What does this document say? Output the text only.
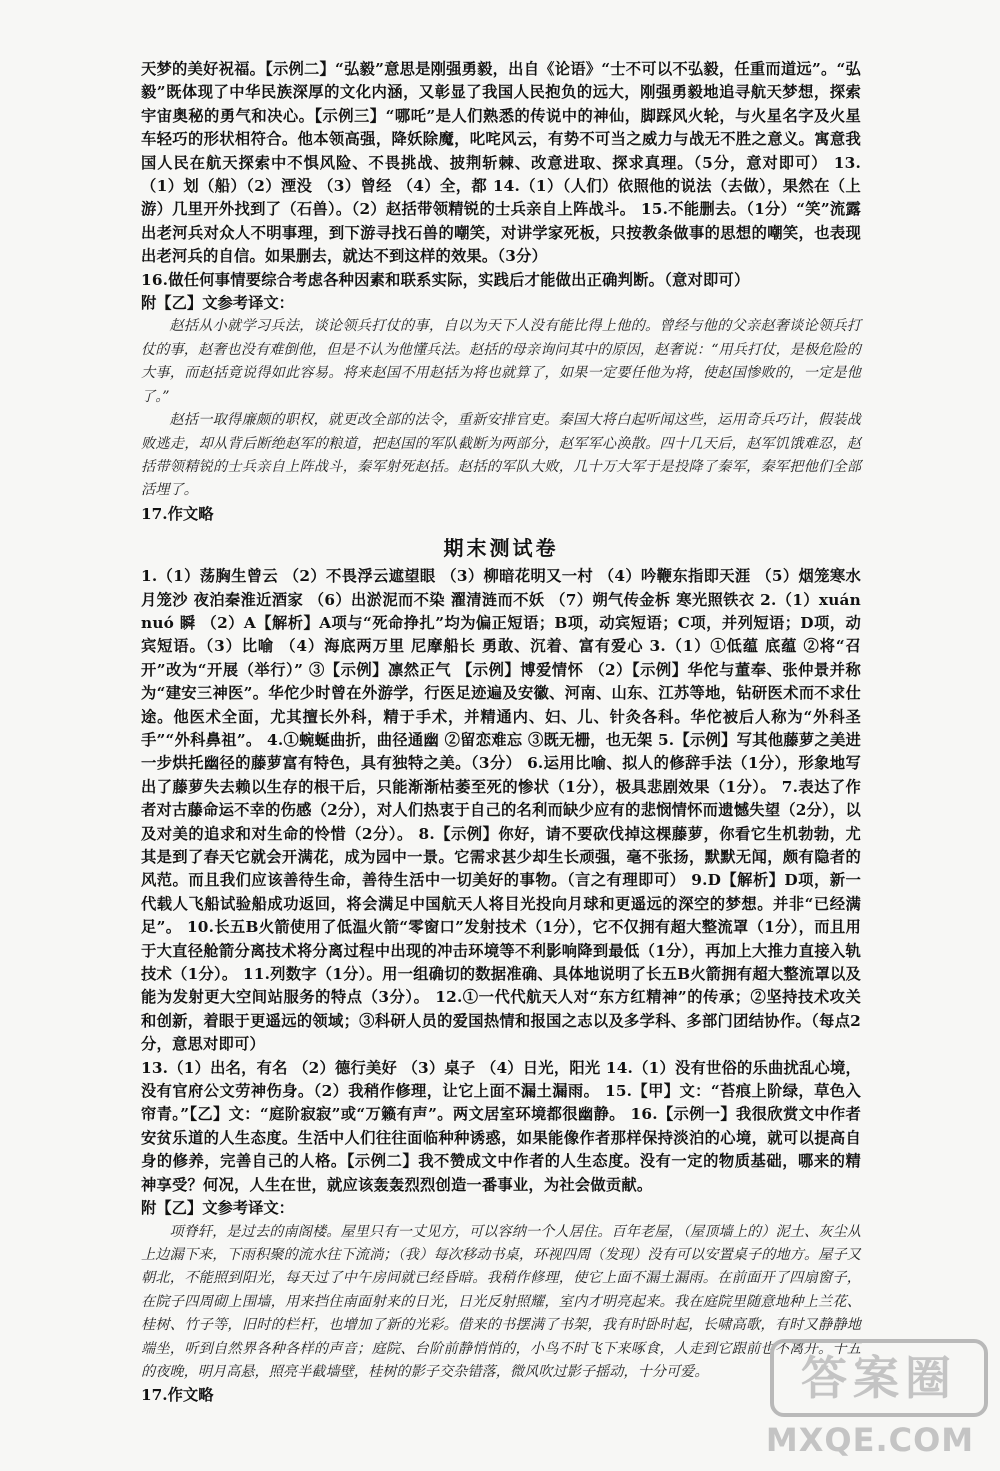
天梦的美好祝福。【示例二】“弘毅”意思是刚强勇毅，出自《论语》“士不可以不弘毅，任重而道远”。“弘毅”既体现了中华民族深厚的文化内涵，又彰显了我国人民抱负的远大，刚强勇毅地追寻航天梦想，探索宇宙奥秘的勇气和决心。【示例三】“哪吒”是人们熟悉的传说中的神仙，脚踩风火轮，与火星名字及火星车轻巧的形状相符合。他本领高强，降妖除魔，叱咤风云，有势不可当之威力与战无不胜之意义。寓意我国人民在航天探索中不惧风险、不畏挑战、披荆斩棘、改意进取、探求真理。（5分，意对即可） 13.（1）划（船）（2）湮没 （3）曾经 （4）全，都 14.（1）（人们）依照他的说法（去做），果然在（上游）几里开外找到了（石兽）。（2）赵括带领精锐的士兵亲自上阵战斗。 15.不能删去。（1分）“笑”流露出老河兵对众人不明事理，到下游寻找石兽的嘲笑，对讲学家死板，只按教条做事的思想的嘲笑，也表现出老河兵的自信。如果删去，就达不到这样的效果。（3分）

16.做任何事情要综合考虑各种因素和联系实际，实践后才能做出正确判断。（意对即可）

附【乙】文参考译文：

赵括从小就学习兵法，谈论领兵打仗的事，自以为天下人没有能比得上他的。曾经与他的父亲赵奢谈论领兵打仗的事，赵奢也没有难倒他，但是不认为他懂兵法。赵括的母亲询问其中的原因，赵奢说：“用兵打仗，是极危险的大事，而赵括竟说得如此容易。将来赵国不用赵括为将也就算了，如果一定要任他为将，使赵国惨败的，一定是他了。”

赵括一取得廉颇的职权，就更改全部的法令，重新安排官吏。秦国大将白起听闻这些，运用奇兵巧计，假装战败逃走，却从背后断绝赵军的粮道，把赵国的军队截断为两部分，赵军军心涣散。四十几天后，赵军饥饿难忍，赵括带领精锐的士兵亲自上阵战斗，秦军射死赵括。赵括的军队大败，几十万大军于是投降了秦军，秦军把他们全部活埋了。

17.作文略

期末测试卷

1.（1）荡胸生曾云 （2）不畏浮云遮望眼 （3）柳暗花明又一村 （4）吟鞭东指即天涯 （5）烟笼寒水月笼沙 夜泊秦淮近酒家 （6）出淤泥而不染 濯清涟而不妖 （7）朔气传金柝 寒光照铁衣 2.（1）xuán nuó 瞬 （2）A【解析】A项与“死命挣扎”均为偏正短语；B项，动宾短语；C项，并列短语；D项，动宾短语。（3）比喻 （4）海底两万里 尼摩船长 勇敢、沉着、富有爱心 3.（1）①低蕴 底蕴 ②将“召开”改为“开展（举行）” ③【示例】凛然正气 【示例】博爱情怀 （2）【示例】华佗与董奉、张仲景并称为“建安三神医”。华佗少时曾在外游学，行医足迹遍及安徽、河南、山东、江苏等地，钻研医术而不求仕途。他医术全面，尤其擅长外科，精于手术，并精通内、妇、儿、针灸各科。华佗被后人称为“外科圣手”“外科鼻祖”。 4.①蜿蜒曲折，曲径通幽 ②留恋难忘 ③既无栅，也无架 5.【示例】写其他藤萝之美进一步烘托幽径的藤萝富有特色，具有独特之美。（3分） 6.运用比喻、拟人的修辞手法（1分），形象地写出了藤萝失去赖以生存的根干后，只能渐渐枯萎至死的惨状（1分），极具悲剧效果（1分）。 7.表达了作者对古藤命运不幸的伤感（2分），对人们热衷于自己的名利而缺少应有的悲悯情怀而遗憾失望（2分），以及对美的追求和对生命的怜惜（2分）。 8.【示例】你好，请不要砍伐掉这棵藤萝，你看它生机勃勃，尤其是到了春天它就会开满花，成为园中一景。它需求甚少却生长顽强，毫不张扬，默默无闻，颇有隐者的风范。而且我们应该善待生命，善待生活中一切美好的事物。（言之有理即可） 9.D【解析】D项，新一代载人飞船试验船成功返回，将会满足中国航天人将目光投向月球和更遥远的深空的梦想。并非“已经满足”。 10.长五B火箭使用了低温火箭“零窗口”发射技术（1分），它不仅拥有超大整流罩（1分），而且用于大直径舱箭分离技术将分离过程中出现的冲击环境等不利影响降到最低（1分），再加上大推力直接入轨技术（1分）。 11.列数字（1分）。用一组确切的数据准确、具体地说明了长五B火箭拥有超大整流罩以及能为发射更大空间站服务的特点（3分）。 12.①一代代航天人对“东方红精神”的传承；②坚持技术攻关和创新，着眼于更遥远的领域；③科研人员的爱国热情和报国之志以及多学科、多部门团结协作。（每点2分，意思对即可）

13.（1）出名，有名 （2）德行美好 （3）桌子 （4）日光，阳光 14.（1）没有世俗的乐曲扰乱心境，没有官府公文劳神伤身。（2）我稍作修理，让它上面不漏土漏雨。 15.【甲】文：“苔痕上阶绿，草色入帘青。”【乙】文：“庭阶寂寂”或“万籁有声”。两文居室环境都很幽静。 16.【示例一】我很欣赏文中作者安贫乐道的人生态度。生活中人们往往面临种种诱惑，如果能像作者那样保持淡泊的心境，就可以提高自身的修养，完善自己的人格。【示例二】我不赞成文中作者的人生态度。没有一定的物质基础，哪来的精神享受？何况，人生在世，就应该轰轰烈烈创造一番事业，为社会做贡献。

附【乙】文参考译文：

项脊轩，是过去的南阁楼。屋里只有一丈见方，可以容纳一个人居住。百年老屋，（屋顶墙上的）泥土、灰尘从上边漏下来，下雨积聚的流水往下流淌；（我）每次移动书桌，环视四周（发现）没有可以安置桌子的地方。屋子又朝北，不能照到阳光，每天过了中午房间就已经昏暗。我稍作修理，使它上面不漏土漏雨。在前面开了四扇窗子，在院子四周砌上围墙，用来挡住南面射来的日光，日光反射照耀，室内才明亮起来。我在庭院里随意地种上兰花、桂树、竹子等，旧时的栏杆，也增加了新的光彩。借来的书摆满了书架，我有时卧时起，长啸高歌，有时又静静地端坐，听到自然界各种各样的声音；庭院、台阶前静悄悄的，小鸟不时飞下来啄食，人走到它跟前也不离开。十五的夜晚，明月高悬，照亮半截墙壁，桂树的影子交杂错落，微风吹过影子摇动，十分可爱。

17.作文略	答案圈
MXQE.COM
